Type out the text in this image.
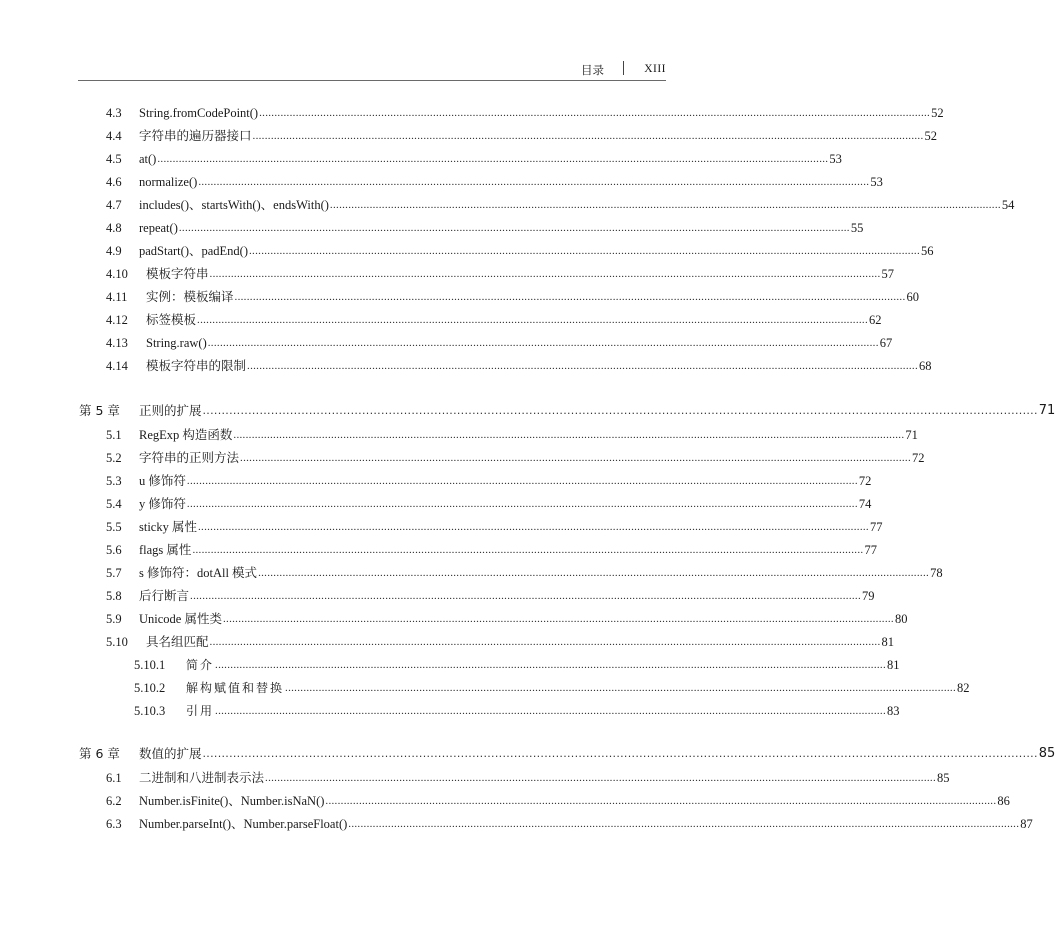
目录	XIII
4.3	String.fromCodePoint() ............................................................................................................................................................................................................................ 52
4.4	字符串的遍历器接口 ............................................................................................................................................................................................................................ 52
4.5	at() ............................................................................................................................................................................................................................ 53
4.6	normalize() ............................................................................................................................................................................................................................ 53
4.7	includes()、startsWith()、endsWith() ............................................................................................................................................................................................................................ 54
4.8	repeat() ............................................................................................................................................................................................................................ 55
4.9	padStart()、padEnd() ............................................................................................................................................................................................................................ 56
4.10	模板字符串 ............................................................................................................................................................................................................................ 57
4.11	实例：模板编译 ............................................................................................................................................................................................................................ 60
4.12	标签模板 ............................................................................................................................................................................................................................ 62
4.13	String.raw() ............................................................................................................................................................................................................................ 67
4.14	模板字符串的限制 ............................................................................................................................................................................................................................ 68
第 5 章	正则的扩展 ............................................................................................................................................................................................................................ 71
5.1	RegExp 构造函数 ............................................................................................................................................................................................................................ 71
5.2	字符串的正则方法 ............................................................................................................................................................................................................................ 72
5.3	u 修饰符 ............................................................................................................................................................................................................................ 72
5.4	y 修饰符 ............................................................................................................................................................................................................................ 74
5.5	sticky 属性 ............................................................................................................................................................................................................................ 77
5.6	flags 属性 ............................................................................................................................................................................................................................ 77
5.7	s 修饰符：dotAll 模式 ............................................................................................................................................................................................................................ 78
5.8	后行断言 ............................................................................................................................................................................................................................ 79
5.9	Unicode 属性类 ............................................................................................................................................................................................................................ 80
5.10	具名组匹配 ............................................................................................................................................................................................................................ 81
5.10.1	简介 ............................................................................................................................................................................................................................ 81
5.10.2	解构赋值和替换 ............................................................................................................................................................................................................................ 82
5.10.3	引用 ............................................................................................................................................................................................................................ 83
第 6 章	数值的扩展 ............................................................................................................................................................................................................................ 85
6.1	二进制和八进制表示法 ............................................................................................................................................................................................................................ 85
6.2	Number.isFinite()、Number.isNaN() ............................................................................................................................................................................................................................ 86
6.3	Number.parseInt()、Number.parseFloat() ............................................................................................................................................................................................................................ 87
